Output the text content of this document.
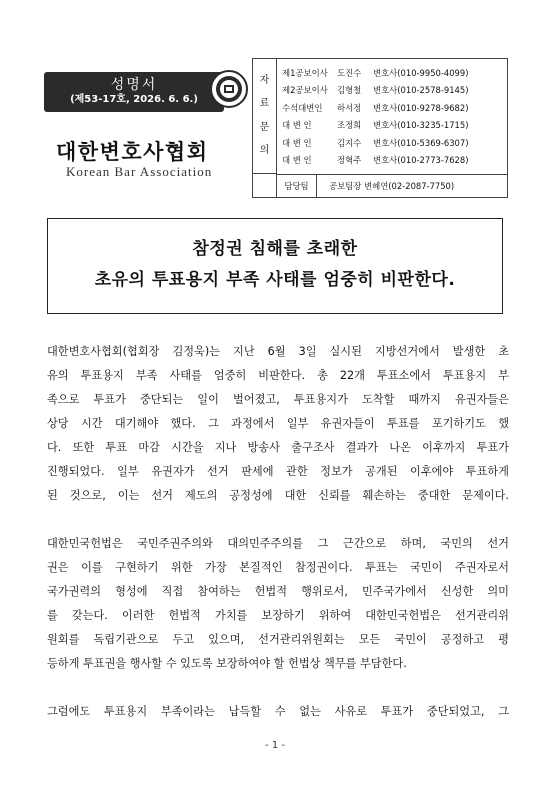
성명서
(제53-17호, 2026. 6. 6.)
대한변호사협회
Korean Bar Association
자
료
문
의
제1공보이사	도진수	변호사(010-9950-4099)
제2공보이사	김형철	변호사(010-2578-9145)
수석대변인	하서정	변호사(010-9278-9682)
대 변 인	조정희	변호사(010-3235-1715)
대 변 인	김지수	변호사(010-5369-6307)
대 변 인	정혁주	변호사(010-2773-7628)
담당팀	공보팀장 변혜연(02-2087-7750)
참정권 침해를 초래한
초유의 투표용지 부족 사태를 엄중히 비판한다.

대한변호사협회(협회장 김정욱)는 지난 6월 3일 실시된 지방선거에서 발생한 초

유의 투표용지 부족 사태를 엄중히 비판한다. 총 22개 투표소에서 투표용지 부

족으로 투표가 중단되는 일이 벌어졌고, 투표용지가 도착할 때까지 유권자들은

상당 시간 대기해야 했다. 그 과정에서 일부 유권자들이 투표를 포기하기도 했

다. 또한 투표 마감 시간을 지나 방송사 출구조사 결과가 나온 이후까지 투표가

진행되었다. 일부 유권자가 선거 판세에 관한 정보가 공개된 이후에야 투표하게

된 것으로, 이는 선거 제도의 공정성에 대한 신뢰를 훼손하는 중대한 문제이다.

대한민국헌법은 국민주권주의와 대의민주주의를 그 근간으로 하며, 국민의 선거

권은 이를 구현하기 위한 가장 본질적인 참정권이다. 투표는 국민이 주권자로서

국가권력의 형성에 직접 참여하는 헌법적 행위로서, 민주국가에서 신성한 의미

를 갖는다. 이러한 헌법적 가치를 보장하기 위하여 대한민국헌법은 선거관리위

원회를 독립기관으로 두고 있으며, 선거관리위원회는 모든 국민이 공정하고 평

등하게 투표권을 행사할 수 있도록 보장하여야 할 헌법상 책무를 부담한다.

그럼에도 투표용지 부족이라는 납득할 수 없는 사유로 투표가 중단되었고, 그

- 1 -
